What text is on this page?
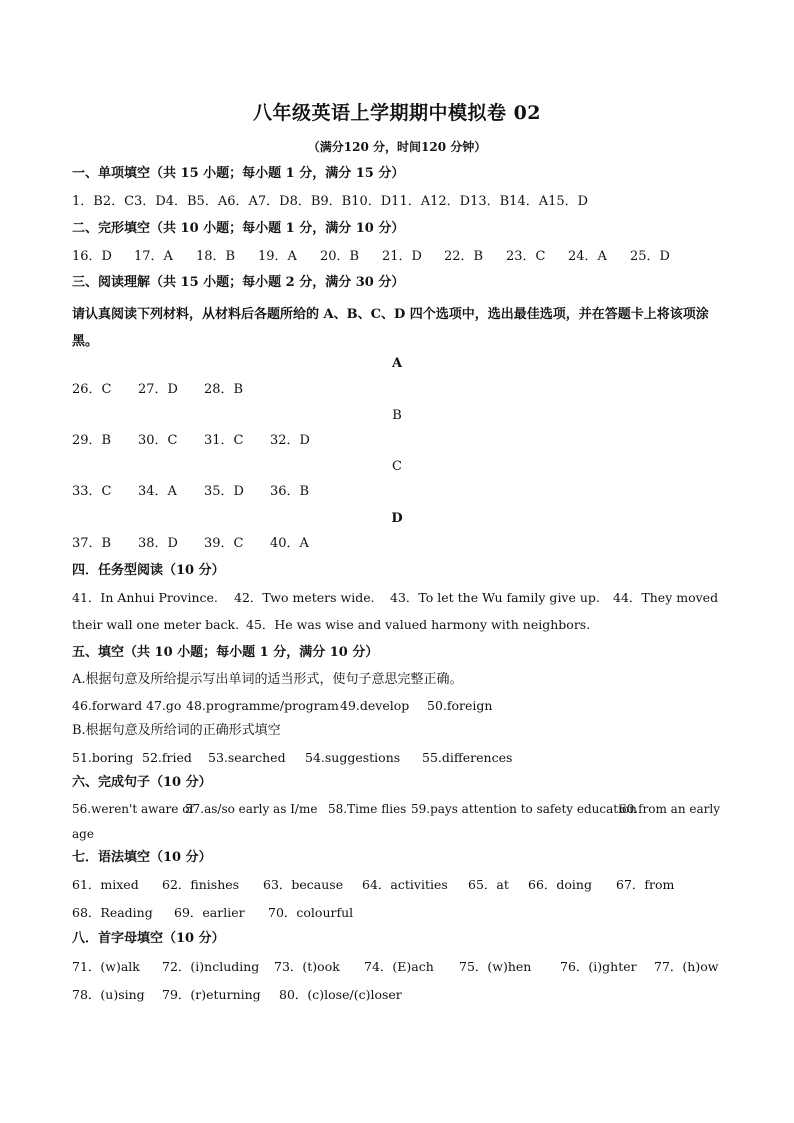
八年级英语上学期期中模拟卷 02
（满分120 分，时间120 分钟）
一、单项填空（共 15 小题；每小题 1 分，满分 15 分）
1．B2．C3．D4．B5．A6．A7．D8．B9．B10．D11．A12．D13．B14．A15．D
二、完形填空（共 10 小题；每小题 1 分，满分 10 分）
16．D 17．A 18．B 19．A 20．B 21．D 22．B 23．C 24．A 25．D
三、阅读理解（共 15 小题；每小题 2 分，满分 30 分）
请认真阅读下列材料，从材料后各题所给的 A、B、C、D 四个选项中，选出最佳选项，并在答题卡上将该项涂黑。
A
26．C 27．D 28．B
B
29．B 30．C 31．C 32．D
C
33．C 34．A 35．D 36．B
D
37．B 38．D 39．C 40．A
四．任务型阅读（10 分）
41．In Anhui Province. 42．Two meters wide. 43．To let the Wu family give up. 44．They moved
their wall one meter back. 45．He was wise and valued harmony with neighbors.
五、填空（共 10 小题；每小题 1 分，满分 10 分）
A.根据句意及所给提示写出单词的适当形式，使句子意思完整正确。
46.forward 47.go 48.programme/program49.develop 50.foreign
B.根据句意及所给词的正确形式填空
51.boring 52.fried 53.searched 54.suggestions 55.differences
六、完成句子（10 分）
56.weren't aware of57.as/so early as I/me 58.Time flies 59.pays attention to safety education60.from an early
age
七．语法填空（10 分）
61．mixed 62．finishes 63．because 64．activities 65．at 66．doing 67．from
68．Reading 69．earlier 70．colourful
八．首字母填空（10 分）
71．(w)alk 72．(i)ncluding 73．(t)ook 74．(E)ach 75．(w)hen 76．(i)ghter 77．(h)ow
78．(u)sing 79．(r)eturning 80．(c)lose/(c)loser
